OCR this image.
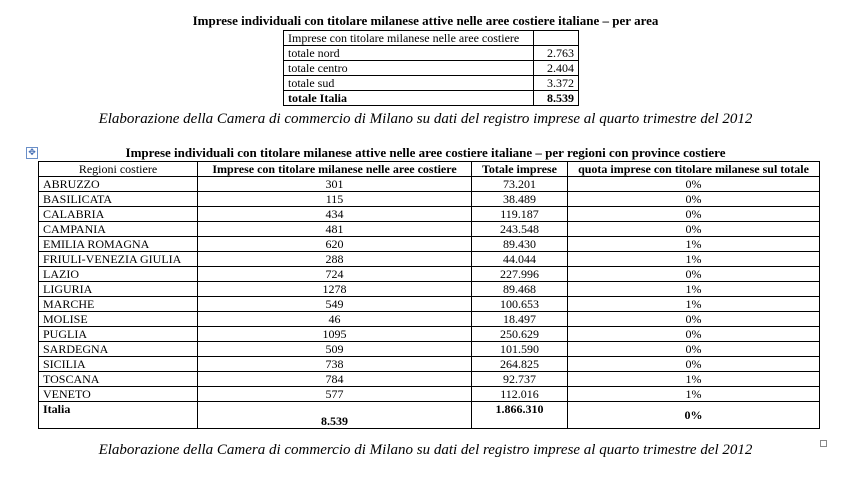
Imprese individuali con titolare milanese attive nelle aree costiere italiane – per area
Imprese con titolare milanese nelle aree costiere	
totale nord	2.763
totale centro	2.404
totale sud	3.372
totale Italia	8.539
Elaborazione della Camera di commercio di Milano su dati del registro imprese al quarto trimestre del 2012
✥	Imprese individuali con titolare milanese attive nelle aree costiere italiane – per regioni con province costiere
Regioni costiere	Imprese con titolare milanese nelle aree costiere	Totale imprese	quota imprese con titolare milanese sul totale
ABRUZZO	301	73.201	0%
BASILICATA	115	38.489	0%
CALABRIA	434	119.187	0%
CAMPANIA	481	243.548	0%
EMILIA ROMAGNA	620	89.430	1%
FRIULI-VENEZIA GIULIA	288	44.044	1%
LAZIO	724	227.996	0%
LIGURIA	1278	89.468	1%
MARCHE	549	100.653	1%
MOLISE	46	18.497	0%
PUGLIA	1095	250.629	0%
SARDEGNA	509	101.590	0%
SICILIA	738	264.825	0%
TOSCANA	784	92.737	1%
VENETO	577	112.016	1%
Italia	8.539	1.866.310	0%
Elaborazione della Camera di commercio di Milano su dati del registro imprese al quarto trimestre del 2012
